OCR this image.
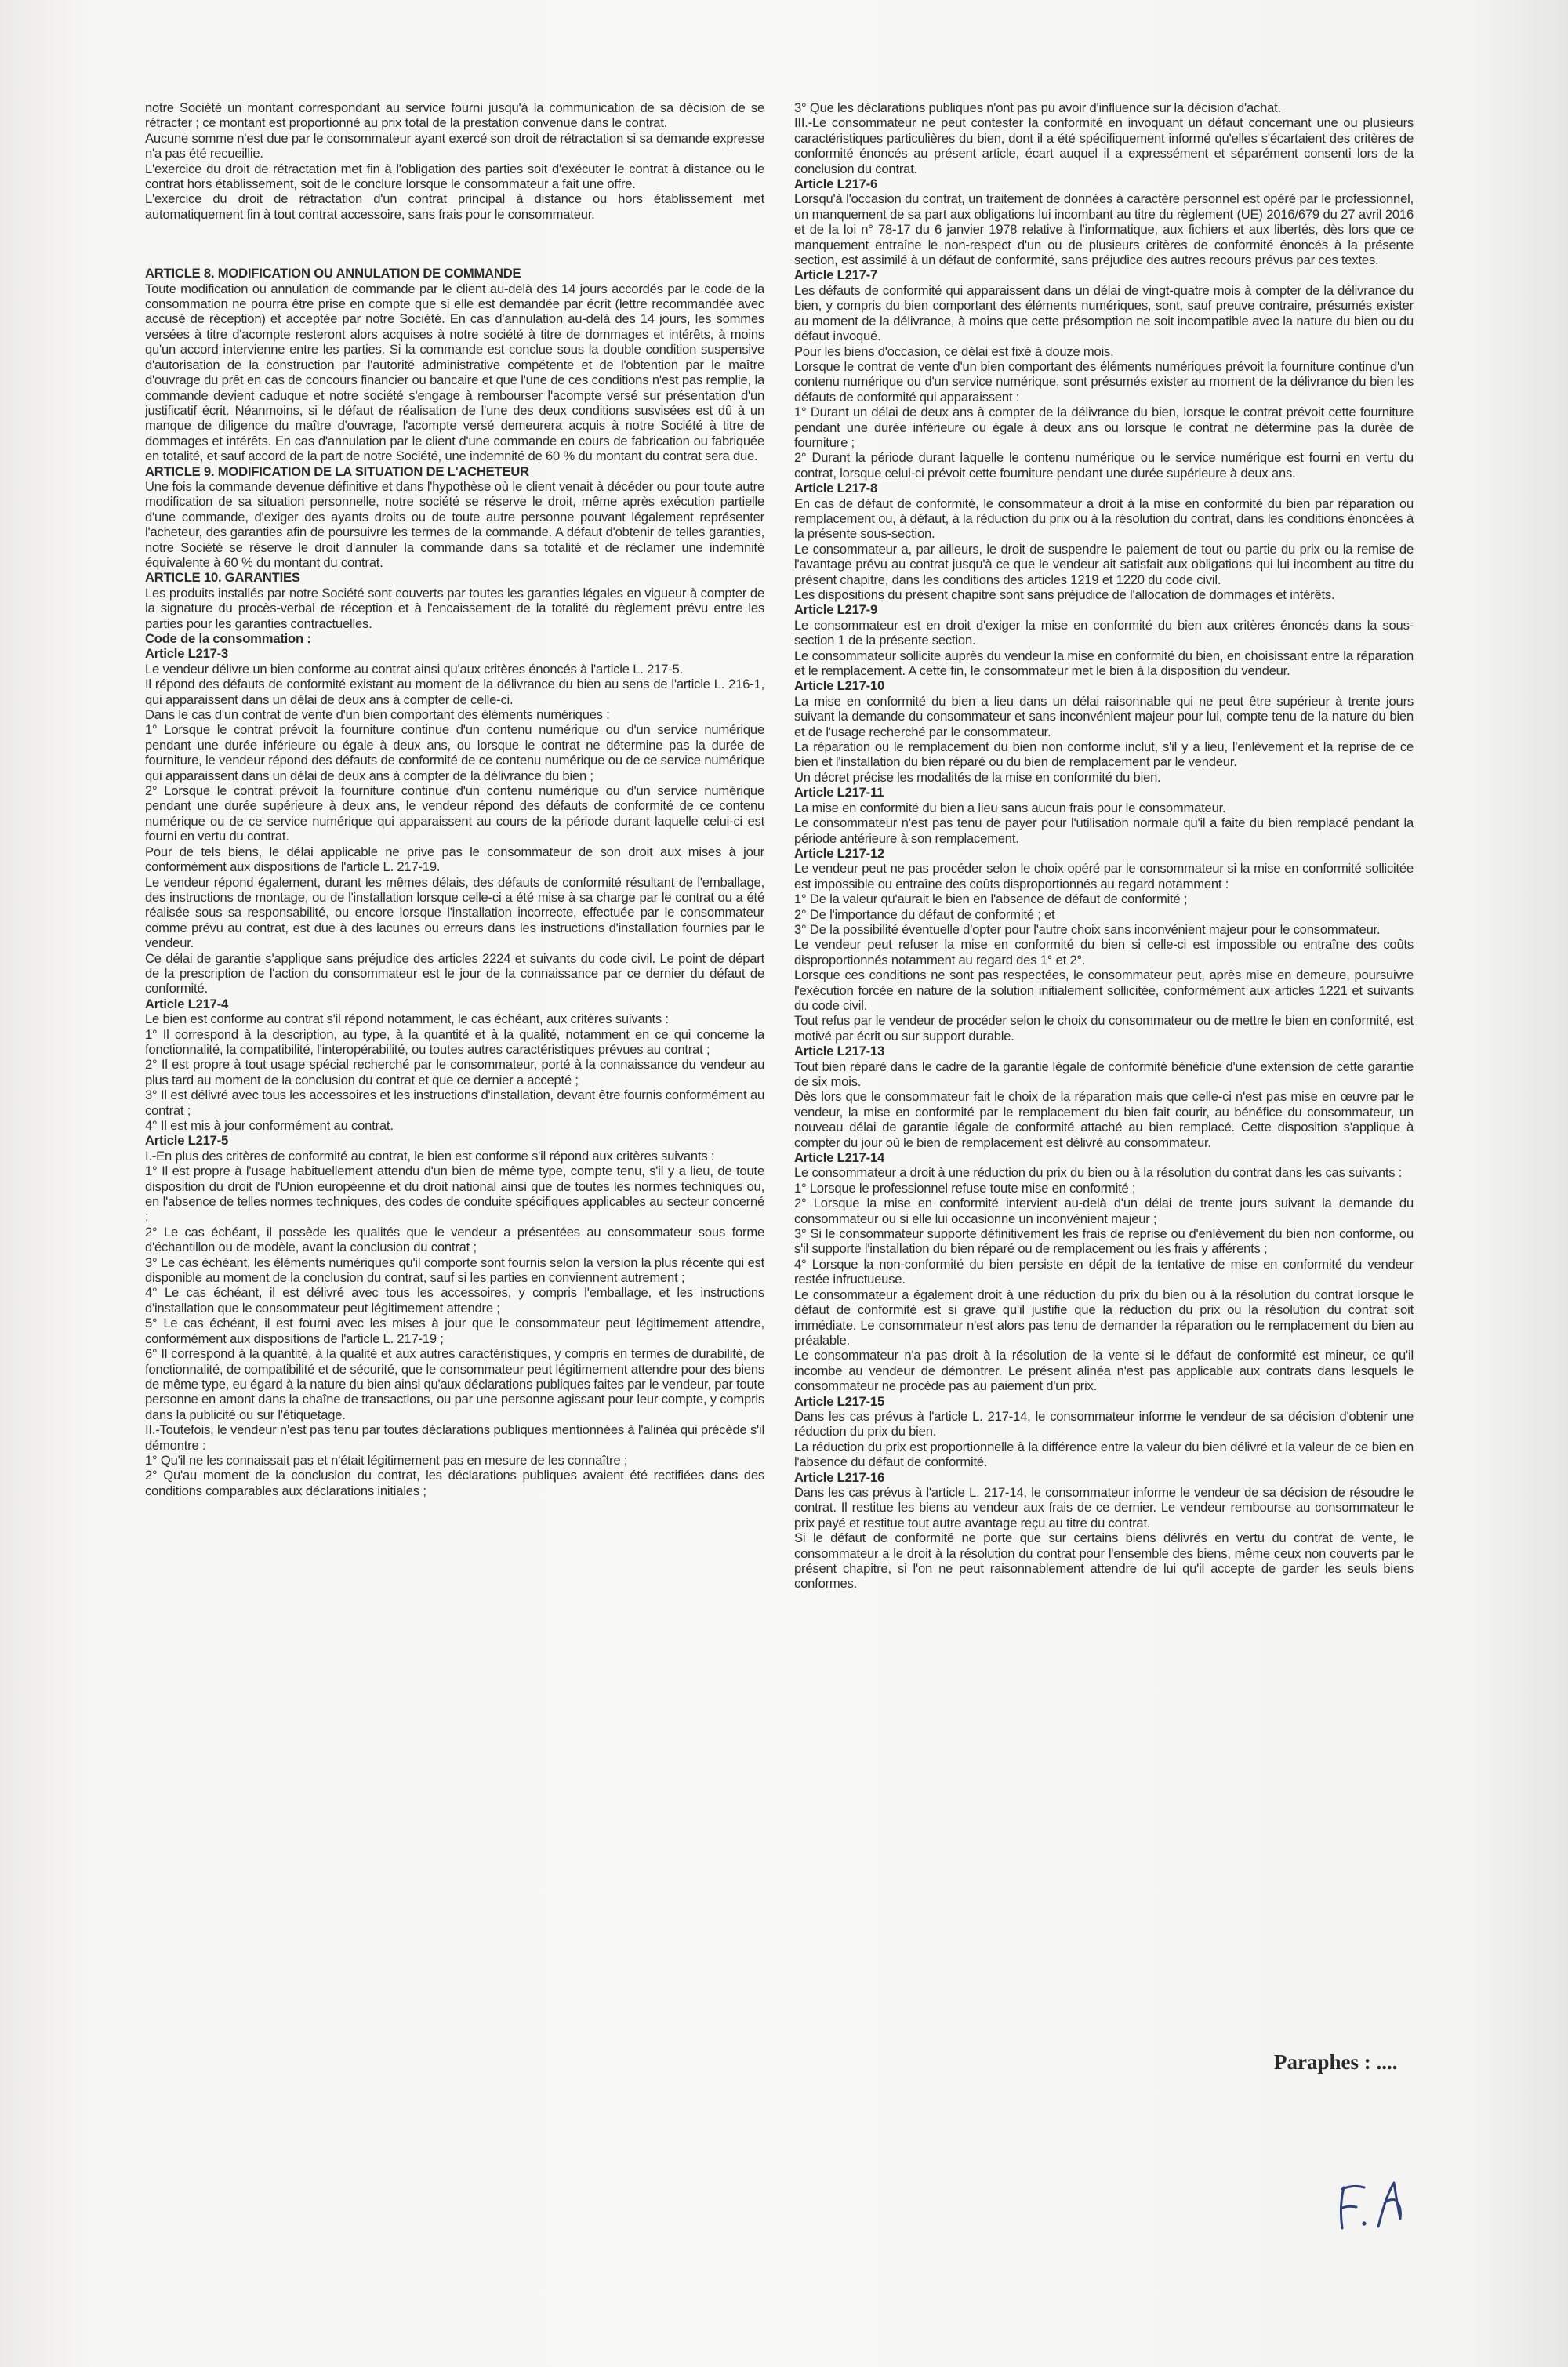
notre Société un montant correspondant au service fourni jusqu'à la communication de sa décision de se rétracter ; ce montant est proportionné au prix total de la prestation convenue dans le contrat.

Aucune somme n'est due par le consommateur ayant exercé son droit de rétractation si sa demande expresse n'a pas été recueillie.

L'exercice du droit de rétractation met fin à l'obligation des parties soit d'exécuter le contrat à distance ou le contrat hors établissement, soit de le conclure lorsque le consommateur a fait une offre.

L'exercice du droit de rétractation d'un contrat principal à distance ou hors établissement met automatiquement fin à tout contrat accessoire, sans frais pour le consommateur.

ARTICLE 8. MODIFICATION OU ANNULATION DE COMMANDE

Toute modification ou annulation de commande par le client au-delà des 14 jours accordés par le code de la consommation ne pourra être prise en compte que si elle est demandée par écrit (lettre recommandée avec accusé de réception) et acceptée par notre Société. En cas d'annulation au-delà des 14 jours, les sommes versées à titre d'acompte resteront alors acquises à notre société à titre de dommages et intérêts, à moins qu'un accord intervienne entre les parties. Si la commande est conclue sous la double condition suspensive d'autorisation de la construction par l'autorité administrative compétente et de l'obtention par le maître d'ouvrage du prêt en cas de concours financier ou bancaire et que l'une de ces conditions n'est pas remplie, la commande devient caduque et notre société s'engage à rembourser l'acompte versé sur présentation d'un justificatif écrit. Néanmoins, si le défaut de réalisation de l'une des deux conditions susvisées est dû à un manque de diligence du maître d'ouvrage, l'acompte versé demeurera acquis à notre Société à titre de dommages et intérêts. En cas d'annulation par le client d'une commande en cours de fabrication ou fabriquée en totalité, et sauf accord de la part de notre Société, une indemnité de 60 % du montant du contrat sera due.

ARTICLE 9. MODIFICATION DE LA SITUATION DE L'ACHETEUR

Une fois la commande devenue définitive et dans l'hypothèse où le client venait à décéder ou pour toute autre modification de sa situation personnelle, notre société se réserve le droit, même après exécution partielle d'une commande, d'exiger des ayants droits ou de toute autre personne pouvant légalement représenter l'acheteur, des garanties afin de poursuivre les termes de la commande. A défaut d'obtenir de telles garanties, notre Société se réserve le droit d'annuler la commande dans sa totalité et de réclamer une indemnité équivalente à 60 % du montant du contrat.

ARTICLE 10. GARANTIES

Les produits installés par notre Société sont couverts par toutes les garanties légales en vigueur à compter de la signature du procès-verbal de réception et à l'encaissement de la totalité du règlement prévu entre les parties pour les garanties contractuelles.

Code de la consommation :

Article L217-3

Le vendeur délivre un bien conforme au contrat ainsi qu'aux critères énoncés à l'article L. 217-5.

Il répond des défauts de conformité existant au moment de la délivrance du bien au sens de l'article L. 216-1, qui apparaissent dans un délai de deux ans à compter de celle-ci.

Dans le cas d'un contrat de vente d'un bien comportant des éléments numériques :

1° Lorsque le contrat prévoit la fourniture continue d'un contenu numérique ou d'un service numérique pendant une durée inférieure ou égale à deux ans, ou lorsque le contrat ne détermine pas la durée de fourniture, le vendeur répond des défauts de conformité de ce contenu numérique ou de ce service numérique qui apparaissent dans un délai de deux ans à compter de la délivrance du bien ;

2° Lorsque le contrat prévoit la fourniture continue d'un contenu numérique ou d'un service numérique pendant une durée supérieure à deux ans, le vendeur répond des défauts de conformité de ce contenu numérique ou de ce service numérique qui apparaissent au cours de la période durant laquelle celui-ci est fourni en vertu du contrat.

Pour de tels biens, le délai applicable ne prive pas le consommateur de son droit aux mises à jour conformément aux dispositions de l'article L. 217-19.

Le vendeur répond également, durant les mêmes délais, des défauts de conformité résultant de l'emballage, des instructions de montage, ou de l'installation lorsque celle-ci a été mise à sa charge par le contrat ou a été réalisée sous sa responsabilité, ou encore lorsque l'installation incorrecte, effectuée par le consommateur comme prévu au contrat, est due à des lacunes ou erreurs dans les instructions d'installation fournies par le vendeur.

Ce délai de garantie s'applique sans préjudice des articles 2224 et suivants du code civil. Le point de départ de la prescription de l'action du consommateur est le jour de la connaissance par ce dernier du défaut de conformité.

Article L217-4

Le bien est conforme au contrat s'il répond notamment, le cas échéant, aux critères suivants :

1° Il correspond à la description, au type, à la quantité et à la qualité, notamment en ce qui concerne la fonctionnalité, la compatibilité, l'interopérabilité, ou toutes autres caractéristiques prévues au contrat ;

2° Il est propre à tout usage spécial recherché par le consommateur, porté à la connaissance du vendeur au plus tard au moment de la conclusion du contrat et que ce dernier a accepté ;

3° Il est délivré avec tous les accessoires et les instructions d'installation, devant être fournis conformément au contrat ;

4° Il est mis à jour conformément au contrat.

Article L217-5

I.-En plus des critères de conformité au contrat, le bien est conforme s'il répond aux critères suivants :

1° Il est propre à l'usage habituellement attendu d'un bien de même type, compte tenu, s'il y a lieu, de toute disposition du droit de l'Union européenne et du droit national ainsi que de toutes les normes techniques ou, en l'absence de telles normes techniques, des codes de conduite spécifiques applicables au secteur concerné ;

2° Le cas échéant, il possède les qualités que le vendeur a présentées au consommateur sous forme d'échantillon ou de modèle, avant la conclusion du contrat ;

3° Le cas échéant, les éléments numériques qu'il comporte sont fournis selon la version la plus récente qui est disponible au moment de la conclusion du contrat, sauf si les parties en conviennent autrement ;

4° Le cas échéant, il est délivré avec tous les accessoires, y compris l'emballage, et les instructions d'installation que le consommateur peut légitimement attendre ;

5° Le cas échéant, il est fourni avec les mises à jour que le consommateur peut légitimement attendre, conformément aux dispositions de l'article L. 217-19 ;

6° Il correspond à la quantité, à la qualité et aux autres caractéristiques, y compris en termes de durabilité, de fonctionnalité, de compatibilité et de sécurité, que le consommateur peut légitimement attendre pour des biens de même type, eu égard à la nature du bien ainsi qu'aux déclarations publiques faites par le vendeur, par toute personne en amont dans la chaîne de transactions, ou par une personne agissant pour leur compte, y compris dans la publicité ou sur l'étiquetage.

II.-Toutefois, le vendeur n'est pas tenu par toutes déclarations publiques mentionnées à l'alinéa qui précède s'il démontre :

1° Qu'il ne les connaissait pas et n'était légitimement pas en mesure de les connaître ;

2° Qu'au moment de la conclusion du contrat, les déclarations publiques avaient été rectifiées dans des conditions comparables aux déclarations initiales ;

3° Que les déclarations publiques n'ont pas pu avoir d'influence sur la décision d'achat.

III.-Le consommateur ne peut contester la conformité en invoquant un défaut concernant une ou plusieurs caractéristiques particulières du bien, dont il a été spécifiquement informé qu'elles s'écartaient des critères de conformité énoncés au présent article, écart auquel il a expressément et séparément consenti lors de la conclusion du contrat.

Article L217-6

Lorsqu'à l'occasion du contrat, un traitement de données à caractère personnel est opéré par le professionnel, un manquement de sa part aux obligations lui incombant au titre du règlement (UE) 2016/679 du 27 avril 2016 et de la loi n° 78-17 du 6 janvier 1978 relative à l'informatique, aux fichiers et aux libertés, dès lors que ce manquement entraîne le non-respect d'un ou de plusieurs critères de conformité énoncés à la présente section, est assimilé à un défaut de conformité, sans préjudice des autres recours prévus par ces textes.

Article L217-7

Les défauts de conformité qui apparaissent dans un délai de vingt-quatre mois à compter de la délivrance du bien, y compris du bien comportant des éléments numériques, sont, sauf preuve contraire, présumés exister au moment de la délivrance, à moins que cette présomption ne soit incompatible avec la nature du bien ou du défaut invoqué.

Pour les biens d'occasion, ce délai est fixé à douze mois.

Lorsque le contrat de vente d'un bien comportant des éléments numériques prévoit la fourniture continue d'un contenu numérique ou d'un service numérique, sont présumés exister au moment de la délivrance du bien les défauts de conformité qui apparaissent :

1° Durant un délai de deux ans à compter de la délivrance du bien, lorsque le contrat prévoit cette fourniture pendant une durée inférieure ou égale à deux ans ou lorsque le contrat ne détermine pas la durée de fourniture ;

2° Durant la période durant laquelle le contenu numérique ou le service numérique est fourni en vertu du contrat, lorsque celui-ci prévoit cette fourniture pendant une durée supérieure à deux ans.

Article L217-8

En cas de défaut de conformité, le consommateur a droit à la mise en conformité du bien par réparation ou remplacement ou, à défaut, à la réduction du prix ou à la résolution du contrat, dans les conditions énoncées à la présente sous-section.

Le consommateur a, par ailleurs, le droit de suspendre le paiement de tout ou partie du prix ou la remise de l'avantage prévu au contrat jusqu'à ce que le vendeur ait satisfait aux obligations qui lui incombent au titre du présent chapitre, dans les conditions des articles 1219 et 1220 du code civil.

Les dispositions du présent chapitre sont sans préjudice de l'allocation de dommages et intérêts.

Article L217-9

Le consommateur est en droit d'exiger la mise en conformité du bien aux critères énoncés dans la sous-section 1 de la présente section.

Le consommateur sollicite auprès du vendeur la mise en conformité du bien, en choisissant entre la réparation et le remplacement. A cette fin, le consommateur met le bien à la disposition du vendeur.

Article L217-10

La mise en conformité du bien a lieu dans un délai raisonnable qui ne peut être supérieur à trente jours suivant la demande du consommateur et sans inconvénient majeur pour lui, compte tenu de la nature du bien et de l'usage recherché par le consommateur.

La réparation ou le remplacement du bien non conforme inclut, s'il y a lieu, l'enlèvement et la reprise de ce bien et l'installation du bien réparé ou du bien de remplacement par le vendeur.

Un décret précise les modalités de la mise en conformité du bien.

Article L217-11

La mise en conformité du bien a lieu sans aucun frais pour le consommateur.

Le consommateur n'est pas tenu de payer pour l'utilisation normale qu'il a faite du bien remplacé pendant la période antérieure à son remplacement.

Article L217-12

Le vendeur peut ne pas procéder selon le choix opéré par le consommateur si la mise en conformité sollicitée est impossible ou entraîne des coûts disproportionnés au regard notamment :

1° De la valeur qu'aurait le bien en l'absence de défaut de conformité ;

2° De l'importance du défaut de conformité ; et

3° De la possibilité éventuelle d'opter pour l'autre choix sans inconvénient majeur pour le consommateur.

Le vendeur peut refuser la mise en conformité du bien si celle-ci est impossible ou entraîne des coûts disproportionnés notamment au regard des 1° et 2°.

Lorsque ces conditions ne sont pas respectées, le consommateur peut, après mise en demeure, poursuivre l'exécution forcée en nature de la solution initialement sollicitée, conformément aux articles 1221 et suivants du code civil.

Tout refus par le vendeur de procéder selon le choix du consommateur ou de mettre le bien en conformité, est motivé par écrit ou sur support durable.

Article L217-13

Tout bien réparé dans le cadre de la garantie légale de conformité bénéficie d'une extension de cette garantie de six mois.

Dès lors que le consommateur fait le choix de la réparation mais que celle-ci n'est pas mise en œuvre par le vendeur, la mise en conformité par le remplacement du bien fait courir, au bénéfice du consommateur, un nouveau délai de garantie légale de conformité attaché au bien remplacé. Cette disposition s'applique à compter du jour où le bien de remplacement est délivré au consommateur.

Article L217-14

Le consommateur a droit à une réduction du prix du bien ou à la résolution du contrat dans les cas suivants :

1° Lorsque le professionnel refuse toute mise en conformité ;

2° Lorsque la mise en conformité intervient au-delà d'un délai de trente jours suivant la demande du consommateur ou si elle lui occasionne un inconvénient majeur ;

3° Si le consommateur supporte définitivement les frais de reprise ou d'enlèvement du bien non conforme, ou s'il supporte l'installation du bien réparé ou de remplacement ou les frais y afférents ;

4° Lorsque la non-conformité du bien persiste en dépit de la tentative de mise en conformité du vendeur restée infructueuse.

Le consommateur a également droit à une réduction du prix du bien ou à la résolution du contrat lorsque le défaut de conformité est si grave qu'il justifie que la réduction du prix ou la résolution du contrat soit immédiate. Le consommateur n'est alors pas tenu de demander la réparation ou le remplacement du bien au préalable.

Le consommateur n'a pas droit à la résolution de la vente si le défaut de conformité est mineur, ce qu'il incombe au vendeur de démontrer. Le présent alinéa n'est pas applicable aux contrats dans lesquels le consommateur ne procède pas au paiement d'un prix.

Article L217-15

Dans les cas prévus à l'article L. 217-14, le consommateur informe le vendeur de sa décision d'obtenir une réduction du prix du bien.

La réduction du prix est proportionnelle à la différence entre la valeur du bien délivré et la valeur de ce bien en l'absence du défaut de conformité.

Article L217-16

Dans les cas prévus à l'article L. 217-14, le consommateur informe le vendeur de sa décision de résoudre le contrat. Il restitue les biens au vendeur aux frais de ce dernier. Le vendeur rembourse au consommateur le prix payé et restitue tout autre avantage reçu au titre du contrat.

Si le défaut de conformité ne porte que sur certains biens délivrés en vertu du contrat de vente, le consommateur a le droit à la résolution du contrat pour l'ensemble des biens, même ceux non couverts par le présent chapitre, si l'on ne peut raisonnablement attendre de lui qu'il accepte de garder les seuls biens conformes.

Paraphes : ....
